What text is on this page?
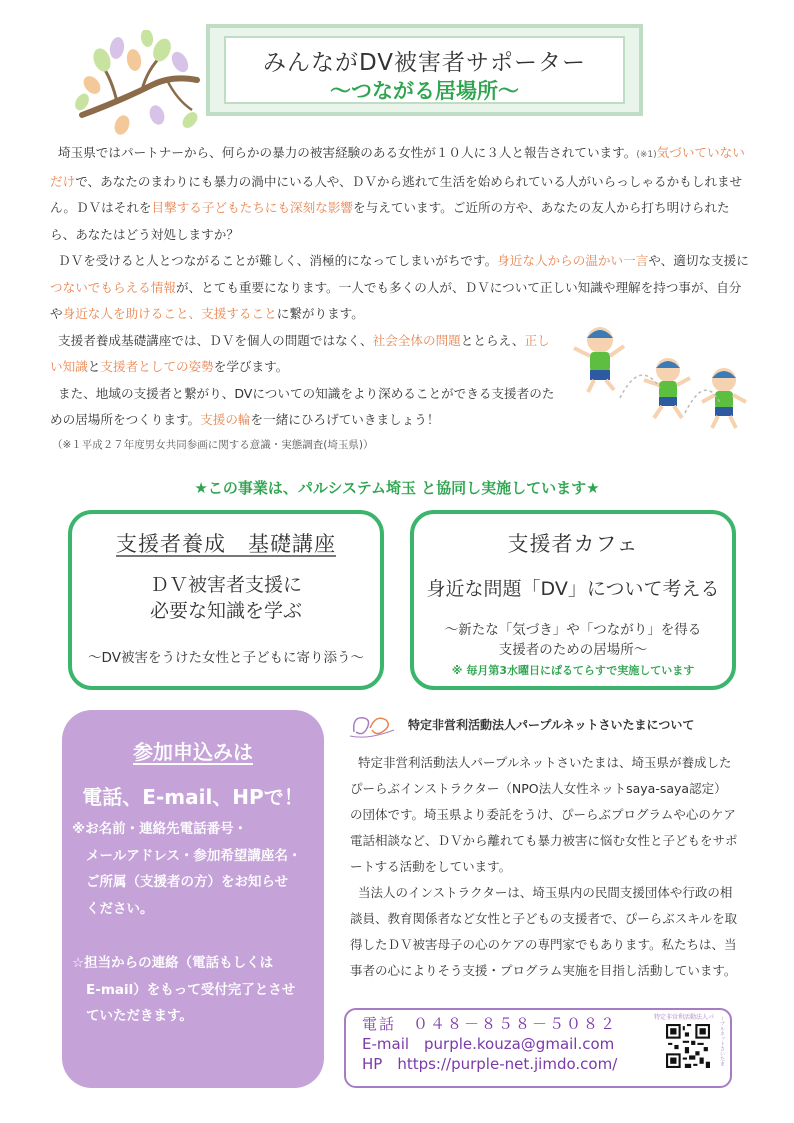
みんながDV被害者サポーター
～つながる居場所～

埼玉県ではパートナーから、何らかの暴力の被害経験のある女性が１０人に３人と報告されています。(※1)気づいていないだけで、あなたのまわりにも暴力の渦中にいる人や、ＤＶから逃れて生活を始められている人がいらっしゃるかもしれません。ＤＶはそれを目撃する子どもたちにも深刻な影響を与えています。ご近所の方や、あなたの友人から打ち明けられたら、あなたはどう対処しますか？

ＤＶを受けると人とつながることが難しく、消極的になってしまいがちです。身近な人からの温かい一言や、適切な支援につないでもらえる情報が、とても重要になります。一人でも多くの人が、ＤＶについて正しい知識や理解を持つ事が、自分や身近な人を助けること、支援することに繋がります。

支援者養成基礎講座では、ＤＶを個人の問題ではなく、社会全体の問題ととらえ、正しい知識と支援者としての姿勢を学びます。

また、地域の支援者と繋がり、DVについての知識をより深めることができる支援者のための居場所をつくります。支援の輪を一緒にひろげていきましょう！

（※１平成２７年度男女共同参画に関する意識・実態調査(埼玉県)）
★この事業は、パルシステム埼玉 と協同し実施しています★
支援者養成　基礎講座
ＤＶ被害者支援に
必要な知識を学ぶ
～DV被害をうけた女性と子どもに寄り添う～
支援者カフェ
身近な問題「DV」について考える
～新たな「気づき」や「つながり」を得る
支援者のための居場所～
※ 毎月第3水曜日にぱるてらすで実施しています
参加申込みは
電話、E-mail、HPで！
※お名前・連絡先電話番号・
メールアドレス・参加希望講座名・
ご所属（支援者の方）をお知らせ
ください。
☆担当からの連絡（電話もしくは
E-mail）をもって受付完了とさせ
ていただきます。
特定非営利活動法人パープルネットさいたまについて

特定非営利活動法人パープルネットさいたまは、埼玉県が養成したぴーらぶインストラクター（NPO法人女性ネットsaya-saya認定）の団体です。埼玉県より委託をうけ、ぴーらぶプログラムや心のケア電話相談など、ＤＶから離れても暴力被害に悩む女性と子どもをサポートする活動をしています。

当法人のインストラクターは、埼玉県内の民間支援団体や行政の相談員、教育関係者など女性と子どもの支援者で、ぴーらぶスキルを取得したＤＶ被害母子の心のケアの専門家でもあります。私たちは、当事者の心によりそう支援・プログラム実施を目指し活動しています。

電話　０４８－８５８－５０８２
E-mail　purple.kouza@gmail.com
HP　https://purple-net.jimdo.com/
特定非営利活動法人パ	ープルネットさいたま
